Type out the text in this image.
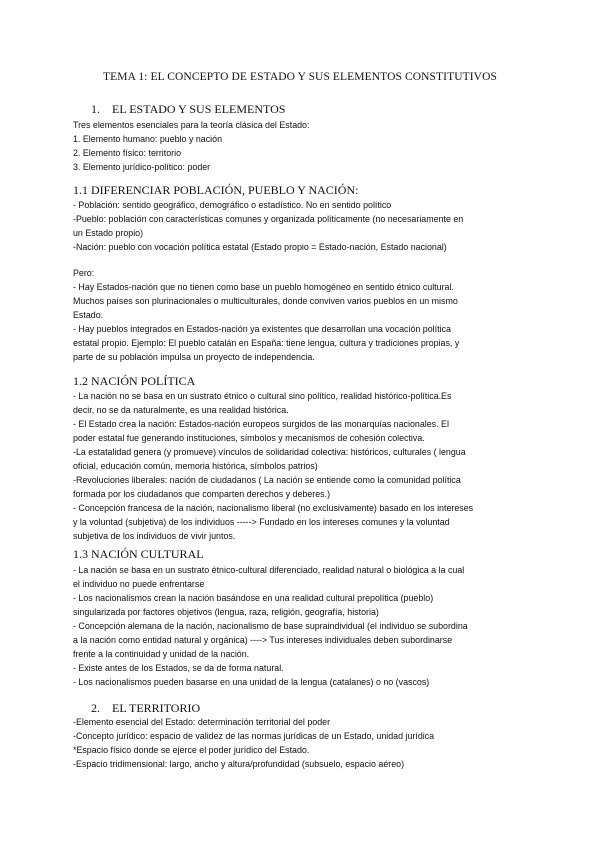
TEMA 1: EL CONCEPTO DE ESTADO Y SUS ELEMENTOS CONSTITUTIVOS
1. EL ESTADO Y SUS ELEMENTOS

Tres elementos esenciales para la teoría clásica del Estado:

1. Elemento humano: pueblo y nación

2. Elemento físico: territorio

3. Elemento jurídico-político: poder

1.1 DIFERENCIAR POBLACIÓN, PUEBLO Y NACIÓN:

- Población: sentido geográfico, demográfico o estadístico. No en sentido político

-Pueblo: población con características comunes y organizada políticamente (no necesariamente en

un Estado propio)

-Nación: pueblo con vocación política estatal (Estado propio = Estado-nación, Estado nacional)

Pero:

- Hay Estados-nación que no tienen como base un pueblo homogéneo en sentido étnico cultural.

Muchos países son plurinacionales o multiculturales, donde conviven varios pueblos en un mismo

Estado.

- Hay pueblos integrados en Estados-nación ya existentes que desarrollan una vocación política

estatal propio. Ejemplo: El pueblo catalán en España: tiene lengua, cultura y tradiciones propias, y

parte de su población impulsa un proyecto de independencia.

1.2 NACIÓN POLÍTICA

- La nación no se basa en un sustrato étnico o cultural sino político, realidad histórico-política.Es

decir, no se da naturalmente, es una realidad histórica.

- El Estado crea la nación: Estados-nación europeos surgidos de las monarquías nacionales. El

poder estatal fue generando instituciones, símbolos y mecanismos de cohesión colectiva.

-La estatalidad genera (y promueve) vínculos de solidaridad colectiva: históricos, culturales ( lengua

oficial, educación común, memoria histórica, símbolos patrios)

-Revoluciones liberales: nación de ciudadanos ( La nación se entiende como la comunidad política

formada por los ciudadanos que comparten derechos y deberes.)

- Concepción francesa de la nación, nacionalismo liberal (no exclusivamente) basado en los intereses

y la voluntad (subjetiva) de los individuos -----> Fundado en los intereses comunes y la voluntad

subjetiva de los individuos de vivir juntos.

1.3 NACIÓN CULTURAL

- La nación se basa en un sustrato étnico-cultural diferenciado, realidad natural o biológica a la cual

el individuo no puede enfrentarse

- Los nacionalismos crean la nación basándose en una realidad cultural prepolítica (pueblo)

singularizada por factores objetivos (lengua, raza, religión, geografía, historia)

- Concepción alemana de la nación, nacionalismo de base supraindividual (el individuo se subordina

a la nación como entidad natural y orgánica) ----> Tus intereses individuales deben subordinarse

frente a la continuidad y unidad de la nación.

- Existe antes de los Estados, se da de forma natural.

- Los nacionalismos pueden basarse en una unidad de la lengua (catalanes) o no (vascos)

2. EL TERRITORIO

-Elemento esencial del Estado: determinación territorial del poder

-Concepto jurídico: espacio de validez de las normas jurídicas de un Estado, unidad jurídica

*Espacio físico donde se ejerce el poder jurídico del Estado.

-Espacio tridimensional: largo, ancho y altura/profundidad (subsuelo, espacio aéreo)
